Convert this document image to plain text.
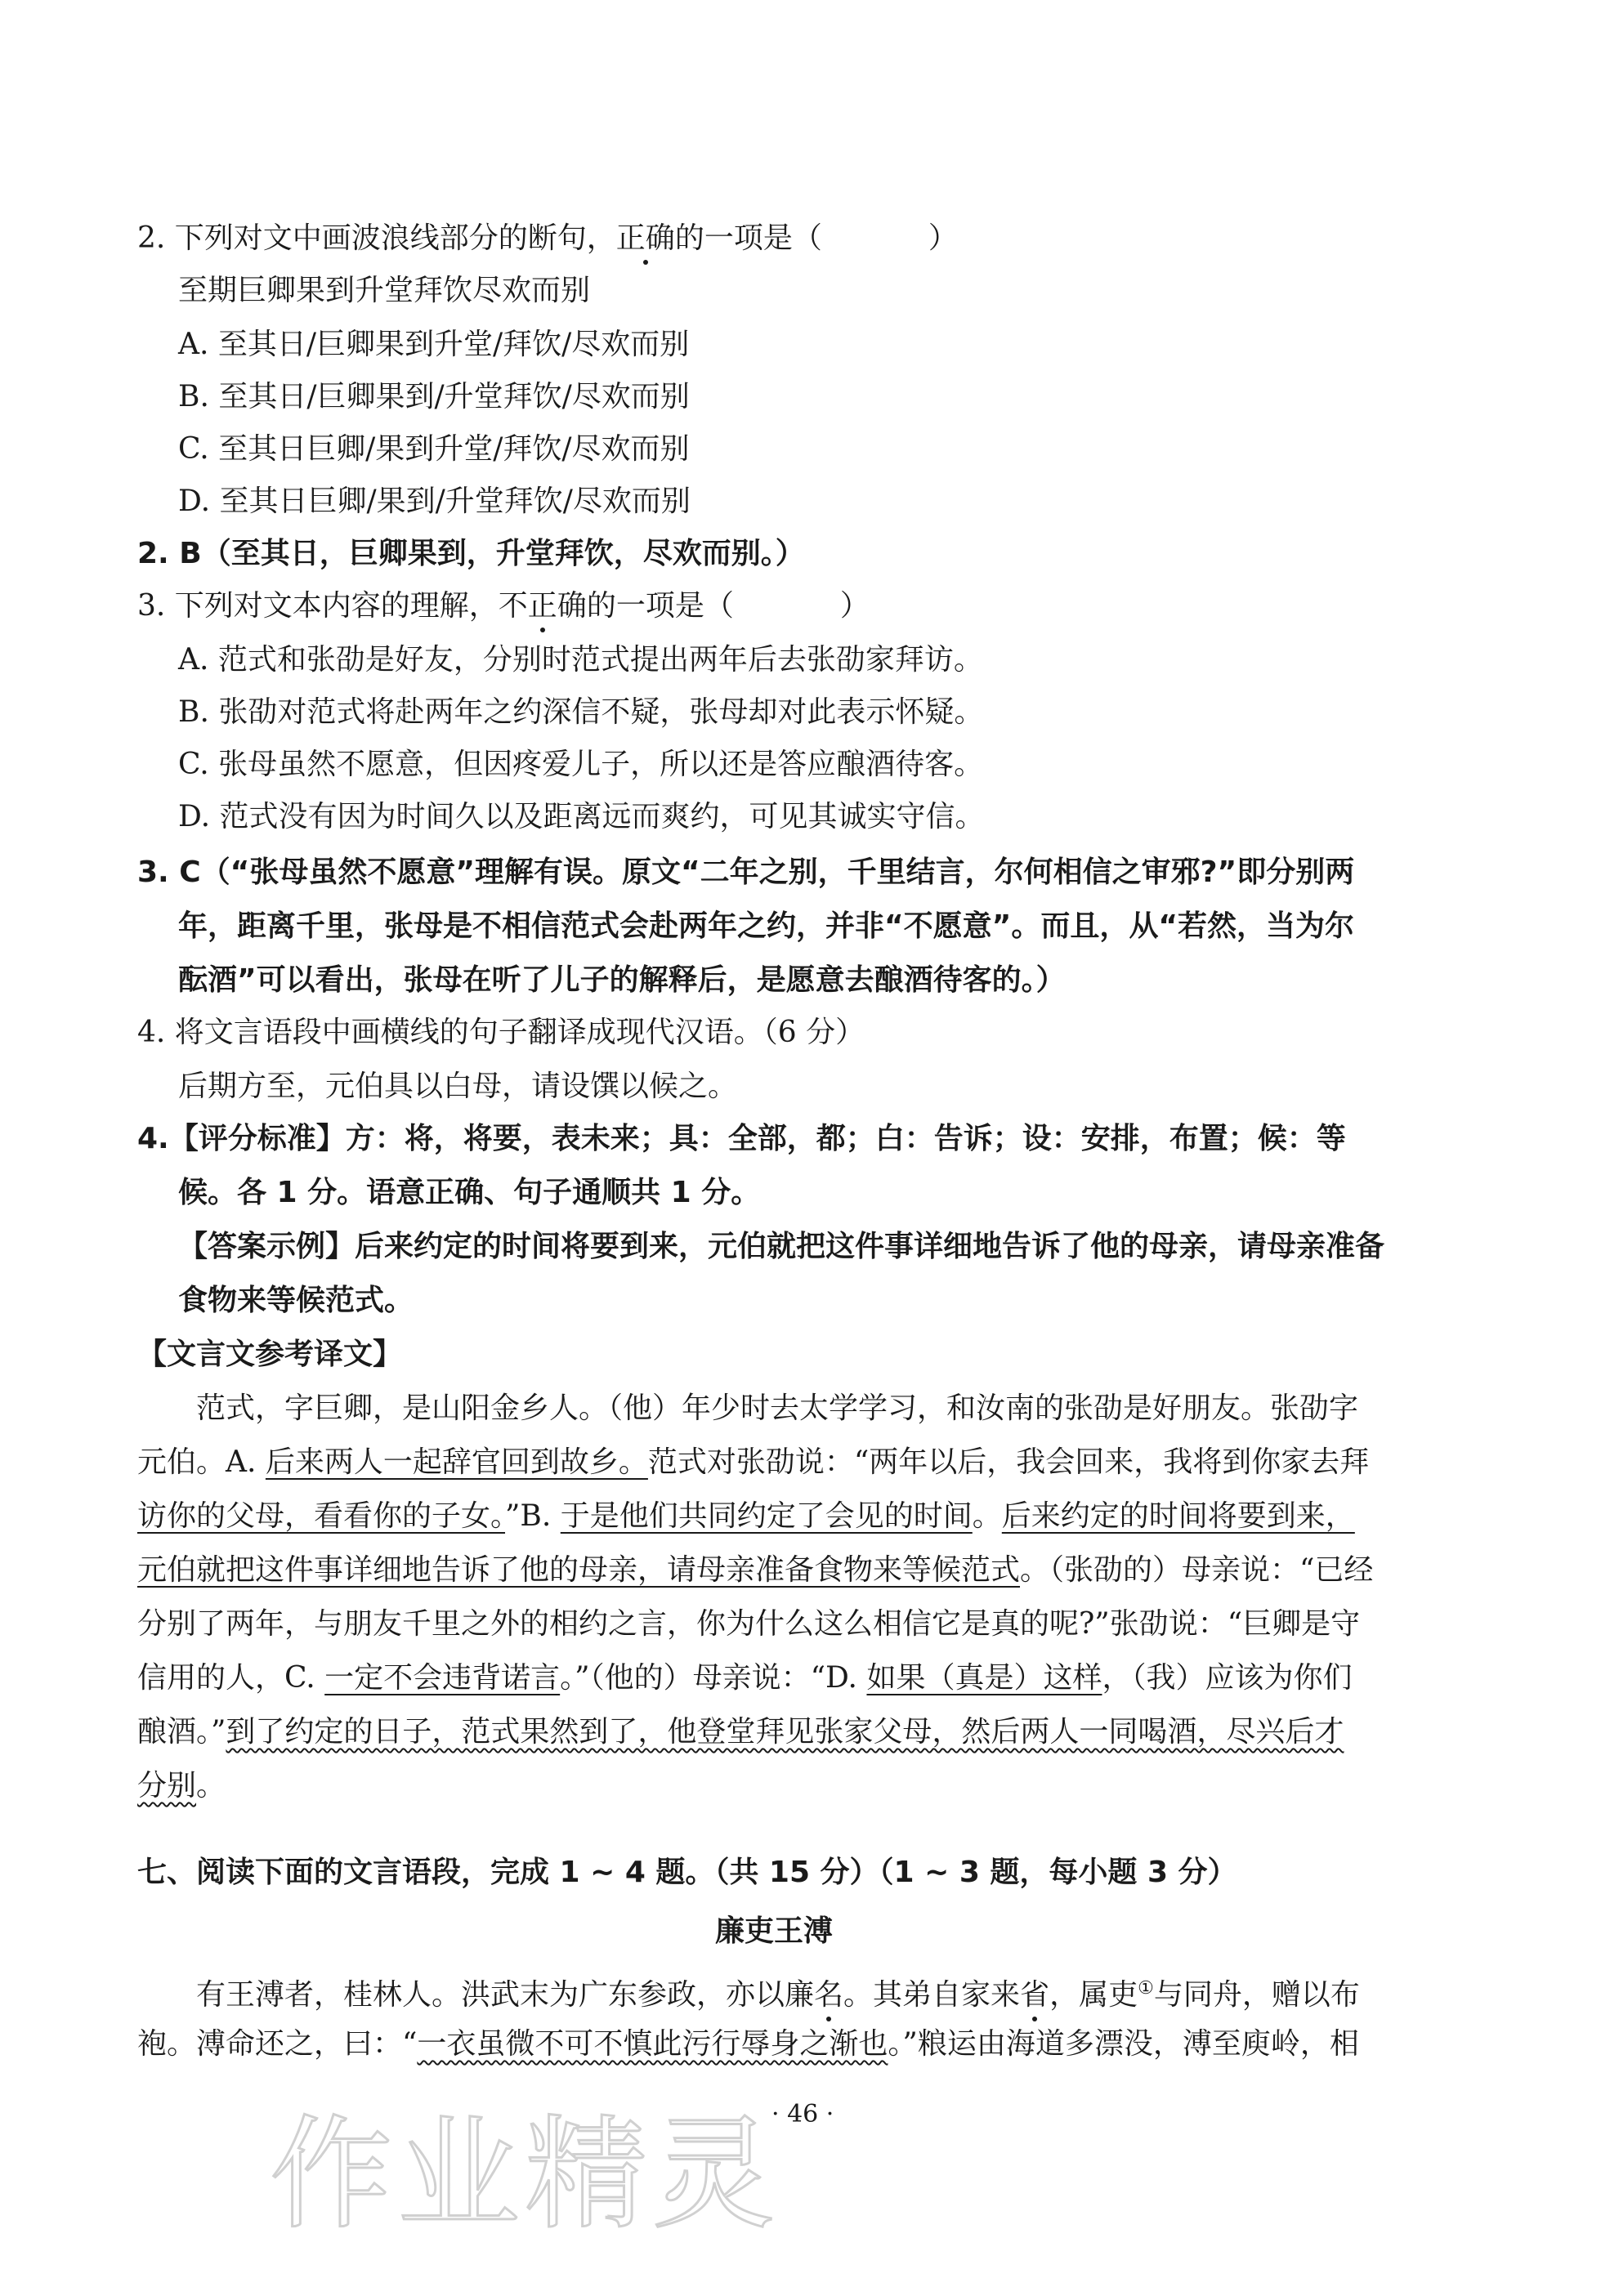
2. 下列对文中画波浪线部分的断句，正确的一项是（	）
至期巨卿果到升堂拜饮尽欢而别
A. 至其日/巨卿果到升堂/拜饮/尽欢而别
B. 至其日/巨卿果到/升堂拜饮/尽欢而别
C. 至其日巨卿/果到升堂/拜饮/尽欢而别
D. 至其日巨卿/果到/升堂拜饮/尽欢而别
2. B（至其日，巨卿果到，升堂拜饮，尽欢而别。）
3. 下列对文本内容的理解，不正确的一项是（	）
A. 范式和张劭是好友，分别时范式提出两年后去张劭家拜访。
B. 张劭对范式将赴两年之约深信不疑，张母却对此表示怀疑。
C. 张母虽然不愿意，但因疼爱儿子，所以还是答应酿酒待客。
D. 范式没有因为时间久以及距离远而爽约，可见其诚实守信。
3. C（“张母虽然不愿意”理解有误。原文“二年之别，千里结言，尔何相信之审邪?”即分别两
年，距离千里，张母是不相信范式会赴两年之约，并非“不愿意”。而且，从“若然，当为尔
酝酒”可以看出，张母在听了儿子的解释后，是愿意去酿酒待客的。）
4. 将文言语段中画横线的句子翻译成现代汉语。（6 分）
后期方至，元伯具以白母，请设馔以候之。
4.【评分标准】方：将，将要，表未来；具：全部，都；白：告诉；设：安排，布置；候：等
候。各 1 分。语意正确、句子通顺共 1 分。
【答案示例】后来约定的时间将要到来，元伯就把这件事详细地告诉了他的母亲，请母亲准备
食物来等候范式。
【文言文参考译文】
范式，字巨卿，是山阳金乡人。（他）年少时去太学学习，和汝南的张劭是好朋友。张劭字
元伯。A. 后来两人一起辞官回到故乡。范式对张劭说：“两年以后，我会回来，我将到你家去拜
访你的父母，看看你的子女。”B. 于是他们共同约定了会见的时间。后来约定的时间将要到来，
元伯就把这件事详细地告诉了他的母亲，请母亲准备食物来等候范式。（张劭的）母亲说：“已经
分别了两年，与朋友千里之外的相约之言，你为什么这么相信它是真的呢?”张劭说：“巨卿是守
信用的人，C. 一定不会违背诺言。”（他的）母亲说：“D. 如果（真是）这样，（我）应该为你们
酿酒。”到了约定的日子，范式果然到了，他登堂拜见张家父母，然后两人一同喝酒，尽兴后才
分别。
七、阅读下面的文言语段，完成 1 ~ 4 题。（共 15 分）（1 ~ 3 题，每小题 3 分）
廉吏王溥
有王溥者，桂林人。洪武末为广东参政，亦以廉名。其弟自家来省，属吏①与同舟，赠以布
袍。溥命还之，曰：“一衣虽微不可不慎此污行辱身之渐也。”粮运由海道多漂没，溥至庾岭，相
作业精灵
· 46 ·
